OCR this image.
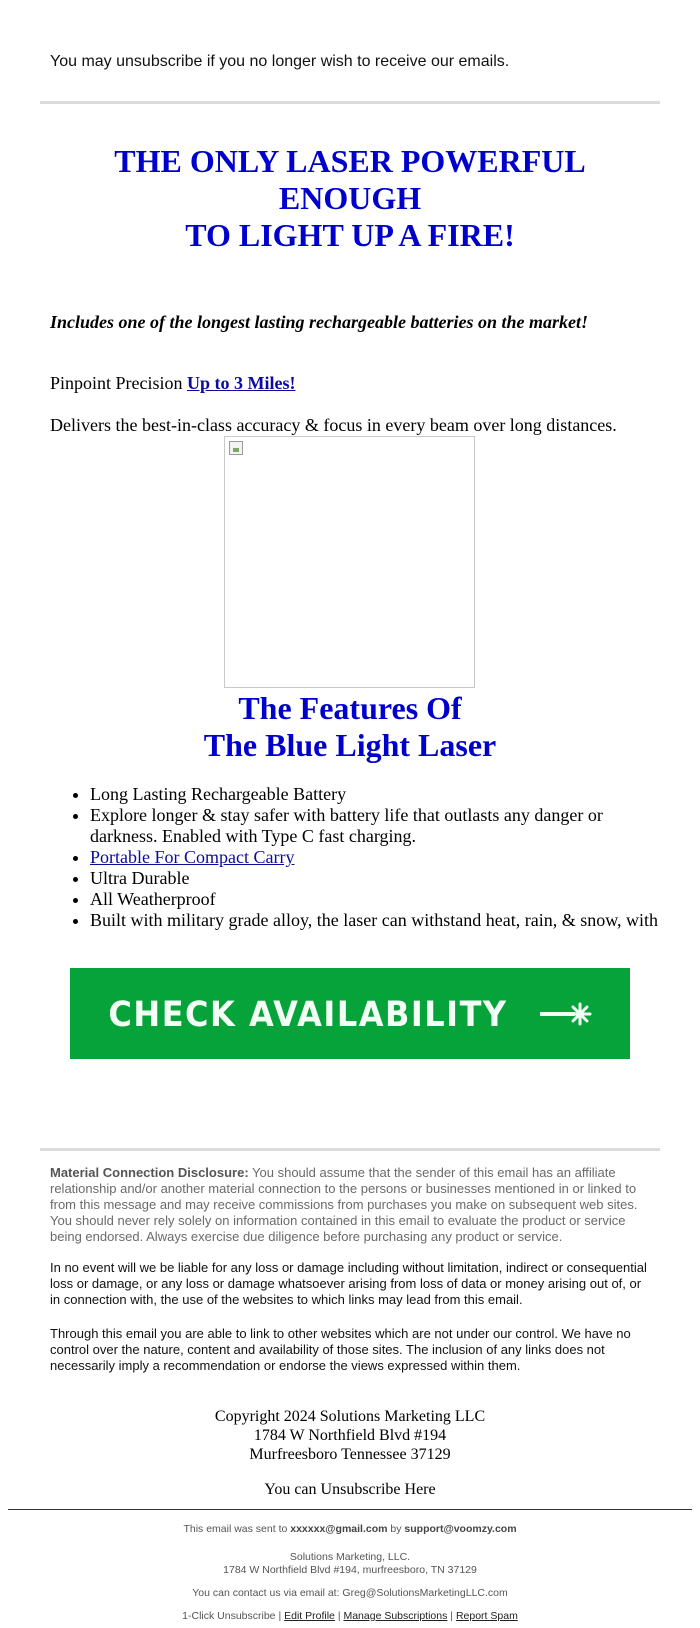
You may unsubscribe if you no longer wish to receive our emails.
THE ONLY LASER POWERFUL
ENOUGH
TO LIGHT UP A FIRE!
Includes one of the longest lasting rechargeable batteries on the market!
Pinpoint Precision Up to 3 Miles!
Delivers the best-in-class accuracy & focus in every beam over long distances.
The Features Of
The Blue Light Laser
• Long Lasting Rechargeable Battery
• Explore longer & stay safer with battery life that outlasts any danger or darkness. Enabled with Type C fast charging.
• Portable For Compact Carry
• Ultra Durable
• All Weatherproof
• Built with military grade alloy, the laser can withstand heat, rain, & snow, with
CHECK AVAILABILITY
Material Connection Disclosure: You should assume that the sender of this email has an affiliate relationship and/or another material connection to the persons or businesses mentioned in or linked to from this message and may receive commissions from purchases you make on subsequent web sites. You should never rely solely on information contained in this email to evaluate the product or service being endorsed. Always exercise due diligence before purchasing any product or service.
In no event will we be liable for any loss or damage including without limitation, indirect or consequential loss or damage, or any loss or damage whatsoever arising from loss of data or money arising out of, or in connection with, the use of the websites to which links may lead from this email.
Through this email you are able to link to other websites which are not under our control. We have no control over the nature, content and availability of those sites. The inclusion of any links does not necessarily imply a recommendation or endorse the views expressed within them.
Copyright 2024 Solutions Marketing LLC
1784 W Northfield Blvd #194
Murfreesboro Tennessee 37129
You can Unsubscribe Here
This email was sent to xxxxxx@gmail.com by support@voomzy.com
Solutions Marketing, LLC.
1784 W Northfield Blvd #194, murfreesboro, TN 37129
You can contact us via email at: Greg@SolutionsMarketingLLC.com
1-Click Unsubscribe | Edit Profile | Manage Subscriptions | Report Spam
